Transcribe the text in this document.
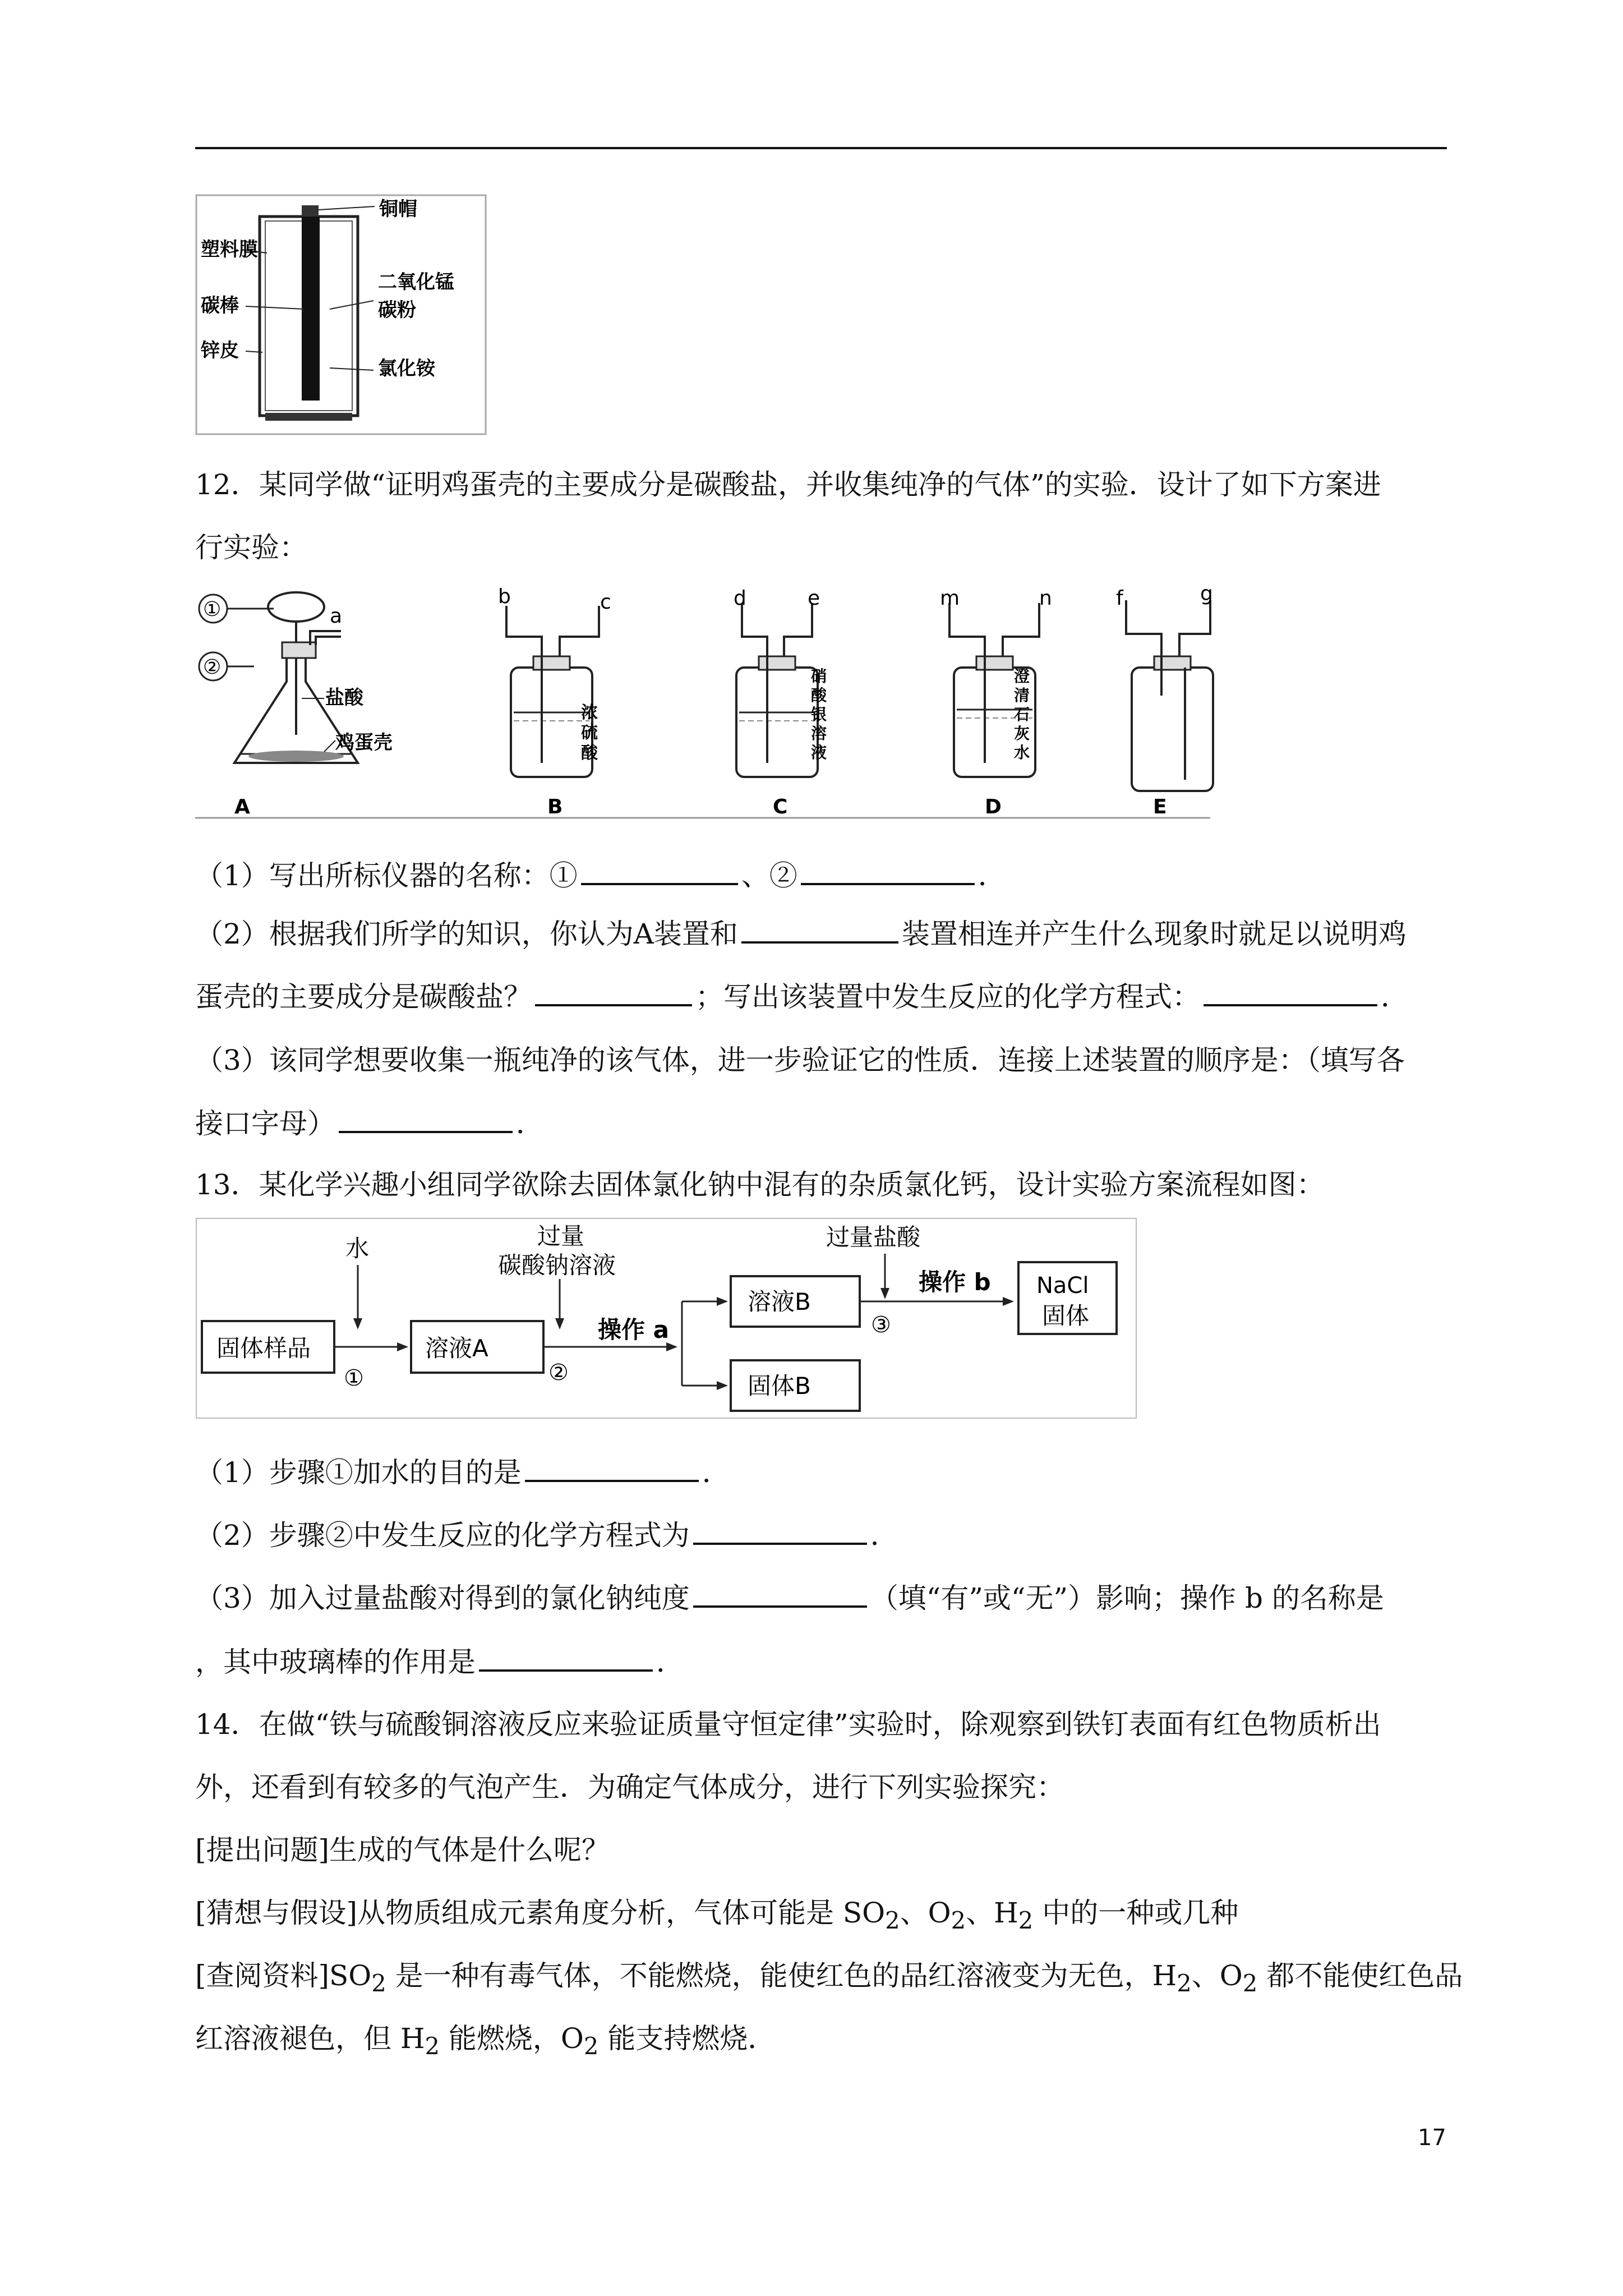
铜帽
塑料膜
碳棒
锌皮
二氧化锰
碳粉
氯化铵
12．某同学做“证明鸡蛋壳的主要成分是碳酸盐，并收集纯净的气体”的实验．设计了如下方案进
行实验：
①
②
a
盐酸
鸡蛋壳
A
b	c
浓
硫
酸
B
d	e
硝
酸
银
溶
液
C
m	n
澄
清
石
灰
水
D
f	g
E
（1）写出所标仪器的名称：①	、②	．
（2）根据我们所学的知识，你认为A装置和	装置相连并产生什么现象时就足以说明鸡
蛋壳的主要成分是碳酸盐？	；写出该装置中发生反应的化学方程式：	．
（3）该同学想要收集一瓶纯净的该气体，进一步验证它的性质．连接上述装置的顺序是：（填写各
接口字母）	．
13．某化学兴趣小组同学欲除去固体氯化钠中混有的杂质氯化钙，设计实验方案流程如图：
固体样品
水
①
溶液A
过量
碳酸钠溶液
②
操作 a
溶液B
固体B
过量盐酸
③
操作 b NaCl
固体
（1）步骤①加水的目的是	．
（2）步骤②中发生反应的化学方程式为	．
（3）加入过量盐酸对得到的氯化钠纯度	（填“有”或“无”）影响；操作 b 的名称是
，其中玻璃棒的作用是	．
14．在做“铁与硫酸铜溶液反应来验证质量守恒定律”实验时，除观察到铁钉表面有红色物质析出
外，还看到有较多的气泡产生．为确定气体成分，进行下列实验探究：
[提出问题]生成的气体是什么呢？
[猜想与假设]从物质组成元素角度分析，气体可能是 $SO_2$、$O_2$、$H_2$ 中的一种或几种
[查阅资料]$SO_2$ 是一种有毒气体，不能燃烧，能使红色的品红溶液变为无色，$H_2$、$O_2$ 都不能使红色品
红溶液褪色，但 $H_2$ 能燃烧，$O_2$ 能支持燃烧．
17
